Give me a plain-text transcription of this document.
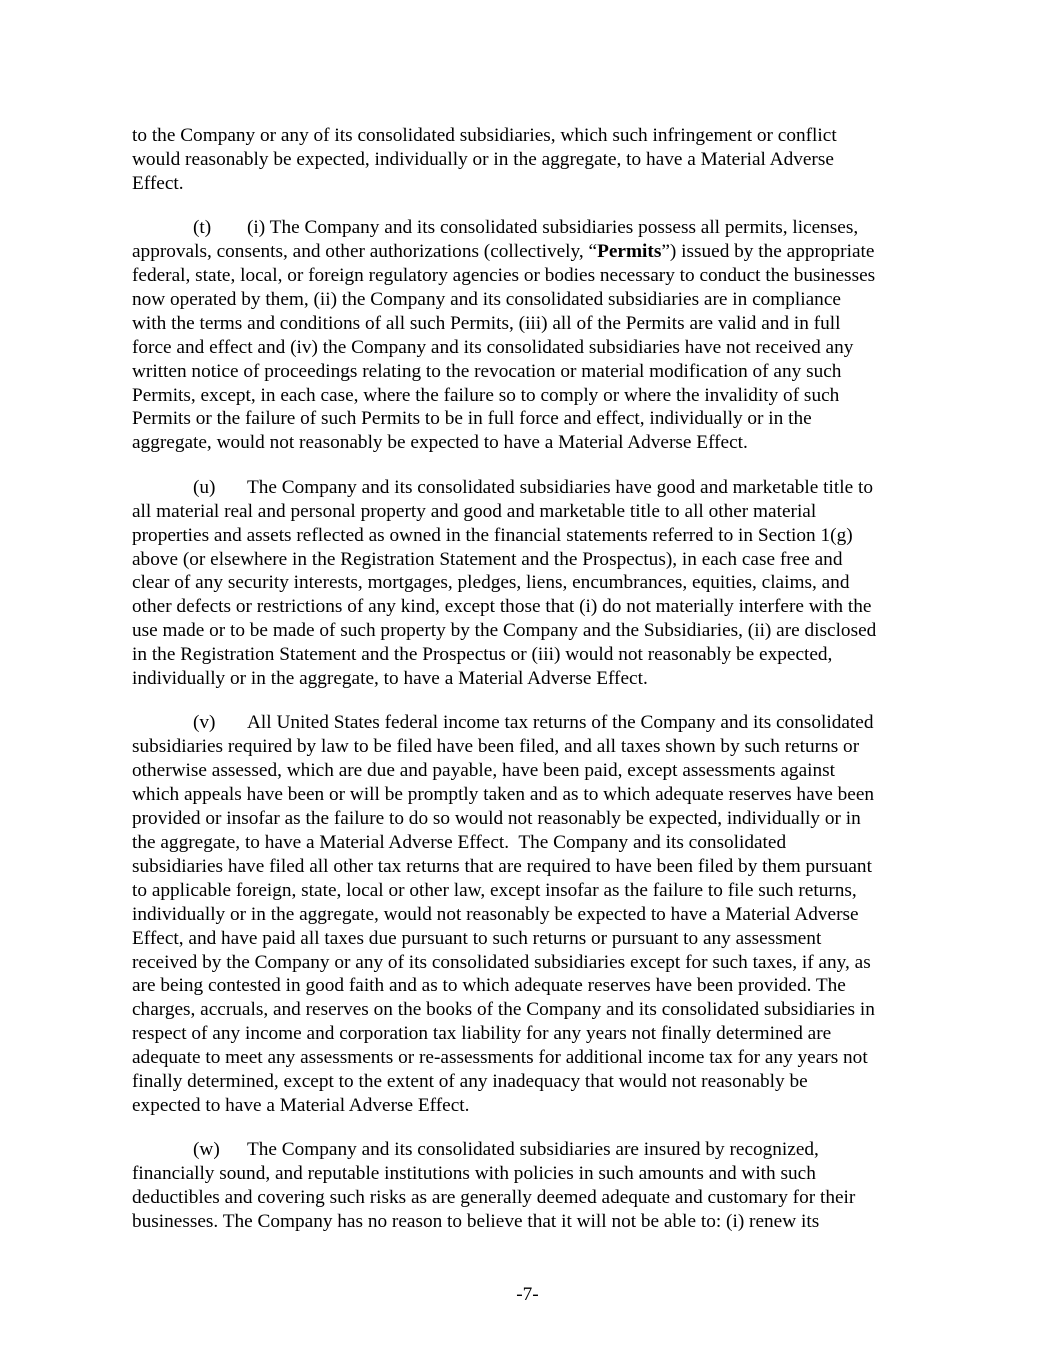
to the Company or any of its consolidated subsidiaries, which such infringement or conflict
would reasonably be expected, individually or in the aggregate, to have a Material Adverse
Effect.
(t) (i) The Company and its consolidated subsidiaries possess all permits, licenses,
approvals, consents, and other authorizations (collectively, “Permits”) issued by the appropriate
federal, state, local, or foreign regulatory agencies or bodies necessary to conduct the businesses
now operated by them, (ii) the Company and its consolidated subsidiaries are in compliance
with the terms and conditions of all such Permits, (iii) all of the Permits are valid and in full
force and effect and (iv) the Company and its consolidated subsidiaries have not received any
written notice of proceedings relating to the revocation or material modification of any such
Permits, except, in each case, where the failure so to comply or where the invalidity of such
Permits or the failure of such Permits to be in full force and effect, individually or in the
aggregate, would not reasonably be expected to have a Material Adverse Effect.
(u) The Company and its consolidated subsidiaries have good and marketable title to
all material real and personal property and good and marketable title to all other material
properties and assets reflected as owned in the financial statements referred to in Section 1(g)
above (or elsewhere in the Registration Statement and the Prospectus), in each case free and
clear of any security interests, mortgages, pledges, liens, encumbrances, equities, claims, and
other defects or restrictions of any kind, except those that (i) do not materially interfere with the
use made or to be made of such property by the Company and the Subsidiaries, (ii) are disclosed
in the Registration Statement and the Prospectus or (iii) would not reasonably be expected,
individually or in the aggregate, to have a Material Adverse Effect.
(v) All United States federal income tax returns of the Company and its consolidated
subsidiaries required by law to be filed have been filed, and all taxes shown by such returns or
otherwise assessed, which are due and payable, have been paid, except assessments against
which appeals have been or will be promptly taken and as to which adequate reserves have been
provided or insofar as the failure to do so would not reasonably be expected, individually or in
the aggregate, to have a Material Adverse Effect.  The Company and its consolidated
subsidiaries have filed all other tax returns that are required to have been filed by them pursuant
to applicable foreign, state, local or other law, except insofar as the failure to file such returns,
individually or in the aggregate, would not reasonably be expected to have a Material Adverse
Effect, and have paid all taxes due pursuant to such returns or pursuant to any assessment
received by the Company or any of its consolidated subsidiaries except for such taxes, if any, as
are being contested in good faith and as to which adequate reserves have been provided. The
charges, accruals, and reserves on the books of the Company and its consolidated subsidiaries in
respect of any income and corporation tax liability for any years not finally determined are
adequate to meet any assessments or re-assessments for additional income tax for any years not
finally determined, except to the extent of any inadequacy that would not reasonably be
expected to have a Material Adverse Effect.
(w) The Company and its consolidated subsidiaries are insured by recognized,
financially sound, and reputable institutions with policies in such amounts and with such
deductibles and covering such risks as are generally deemed adequate and customary for their
businesses. The Company has no reason to believe that it will not be able to: (i) renew its
-7-
